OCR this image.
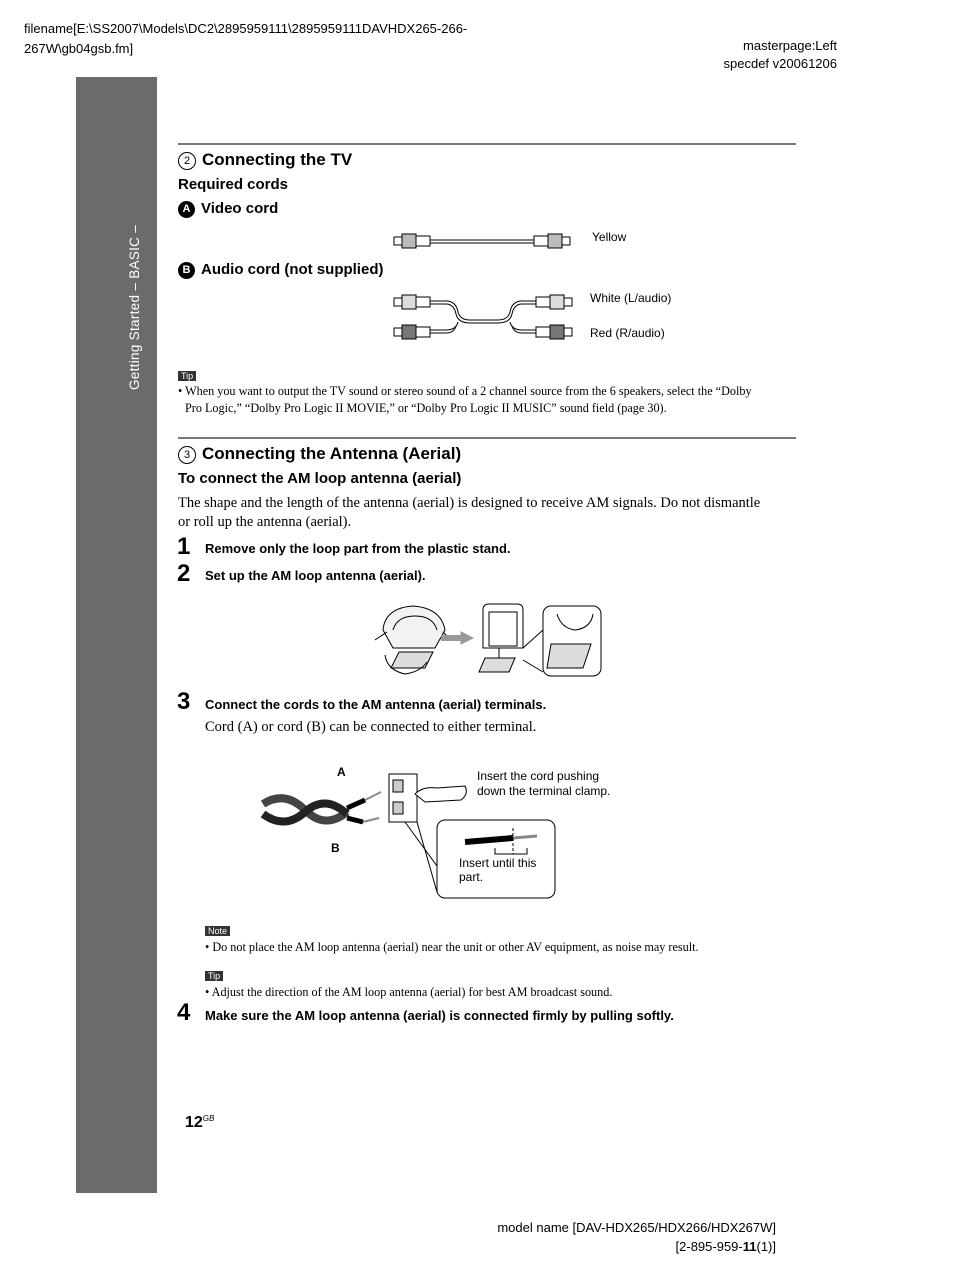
filename[E:\SS2007\Models\DC2\2895959111\2895959111DAVHDX265-266-
267W\gb04gsb.fm]	masterpage:Left
specdef v20061206
Getting Started – BASIC –
2 Connecting the TV
Required cords
A Video cord
Yellow
B Audio cord (not supplied)
White (L/audio)
Red (R/audio)
Tip
• When you want to output the TV sound or stereo sound of a 2 channel source from the 6 speakers, select the “Dolby
Pro Logic,” “Dolby Pro Logic II MOVIE,” or “Dolby Pro Logic II MUSIC” sound field (page 30).
3 Connecting the Antenna (Aerial)
To connect the AM loop antenna (aerial)
The shape and the length of the antenna (aerial) is designed to receive AM signals. Do not dismantle
or roll up the antenna (aerial).
1 Remove only the loop part from the plastic stand.
2 Set up the AM loop antenna (aerial).
3 Connect the cords to the AM antenna (aerial) terminals.
Cord (A) or cord (B) can be connected to either terminal.
A
B
Insert the cord pushing
down the terminal clamp.
Insert until this
part.
Note
• Do not place the AM loop antenna (aerial) near the unit or other AV equipment, as noise may result.
Tip
• Adjust the direction of the AM loop antenna (aerial) for best AM broadcast sound.
4 Make sure the AM loop antenna (aerial) is connected firmly by pulling softly.
$12^{GB}$
model name [DAV-HDX265/HDX266/HDX267W]
[2-895-959-11(1)]
